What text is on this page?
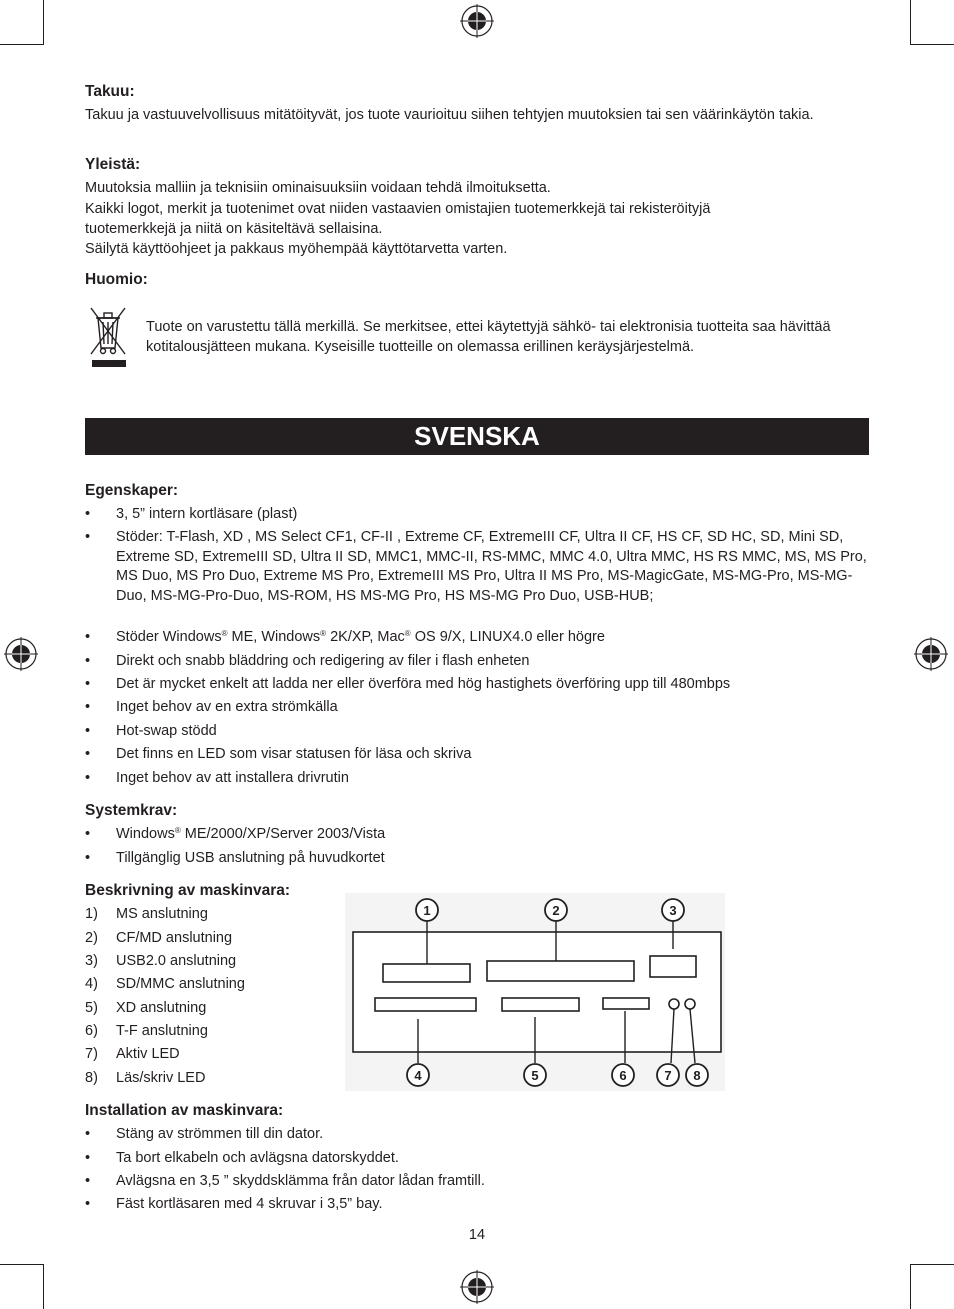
Takuu:

Takuu ja vastuuvelvollisuus mitätöityvät, jos tuote vaurioituu siihen tehtyjen muutoksien tai sen väärinkäytön takia.

Yleistä:

Muutoksia malliin ja teknisiin ominaisuuksiin voidaan tehdä ilmoituksetta.

Kaikki logot, merkit ja tuotenimet ovat niiden vastaavien omistajien tuotemerkkejä tai rekisteröityjä tuotemerkkejä ja niitä on käsiteltävä sellaisina.

Säilytä käyttöohjeet ja pakkaus myöhempää käyttötarvetta varten.

Huomio:

Tuote on varustettu tällä merkillä. Se merkitsee, ettei käytettyjä sähkö- tai elektronisia tuotteita saa hävittää kotitalousjätteen mukana. Kyseisille tuotteille on olemassa erillinen keräysjärjestelmä.

SVENSKA
Egenskaper:
• 3, 5” intern kortläsare (plast)
• Stöder: T-Flash, XD , MS Select CF1, CF-II , Extreme CF, ExtremeIII CF, Ultra II CF, HS CF, SD HC, SD, Mini SD, Extreme SD, ExtremeIII SD, Ultra II SD, MMC1, MMC-II, RS-MMC, MMC 4.0, Ultra MMC, HS RS MMC, MS, MS Pro, MS Duo, MS Pro Duo, Extreme MS Pro, ExtremeIII MS Pro, Ultra II MS Pro, MS-MagicGate, MS-MG-Pro, MS-MG-Duo, MS-MG-Pro-Duo, MS-ROM, HS MS-MG Pro, HS MS-MG Pro Duo, USB-HUB;
• Stöder Windows® ME, Windows® 2K/XP, Mac® OS 9/X, LINUX4.0 eller högre
• Direkt och snabb bläddring och redigering av filer i flash enheten
• Det är mycket enkelt att ladda ner eller överföra med hög hastighets överföring upp till 480mbps
• Inget behov av en extra strömkälla
• Hot-swap stödd
• Det finns en LED som visar statusen för läsa och skriva
• Inget behov av att installera drivrutin
Systemkrav:
• Windows® ME/2000/XP/Server 2003/Vista
• Tillgänglig USB anslutning på huvudkortet
Beskrivning av maskinvara:
1) MS anslutning
2) CF/MD anslutning
3) USB2.0 anslutning
4) SD/MMC anslutning
5) XD anslutning
6) T-F anslutning
7) Aktiv LED
8) Läs/skriv LED
1	2	3
4	5	6	7 8
Installation av maskinvara:
• Stäng av strömmen till din dator.
• Ta bort elkabeln och avlägsna datorskyddet.
• Avlägsna en 3,5 ” skyddsklämma från dator lådan framtill.
• Fäst kortläsaren med 4 skruvar i 3,5” bay.
14
